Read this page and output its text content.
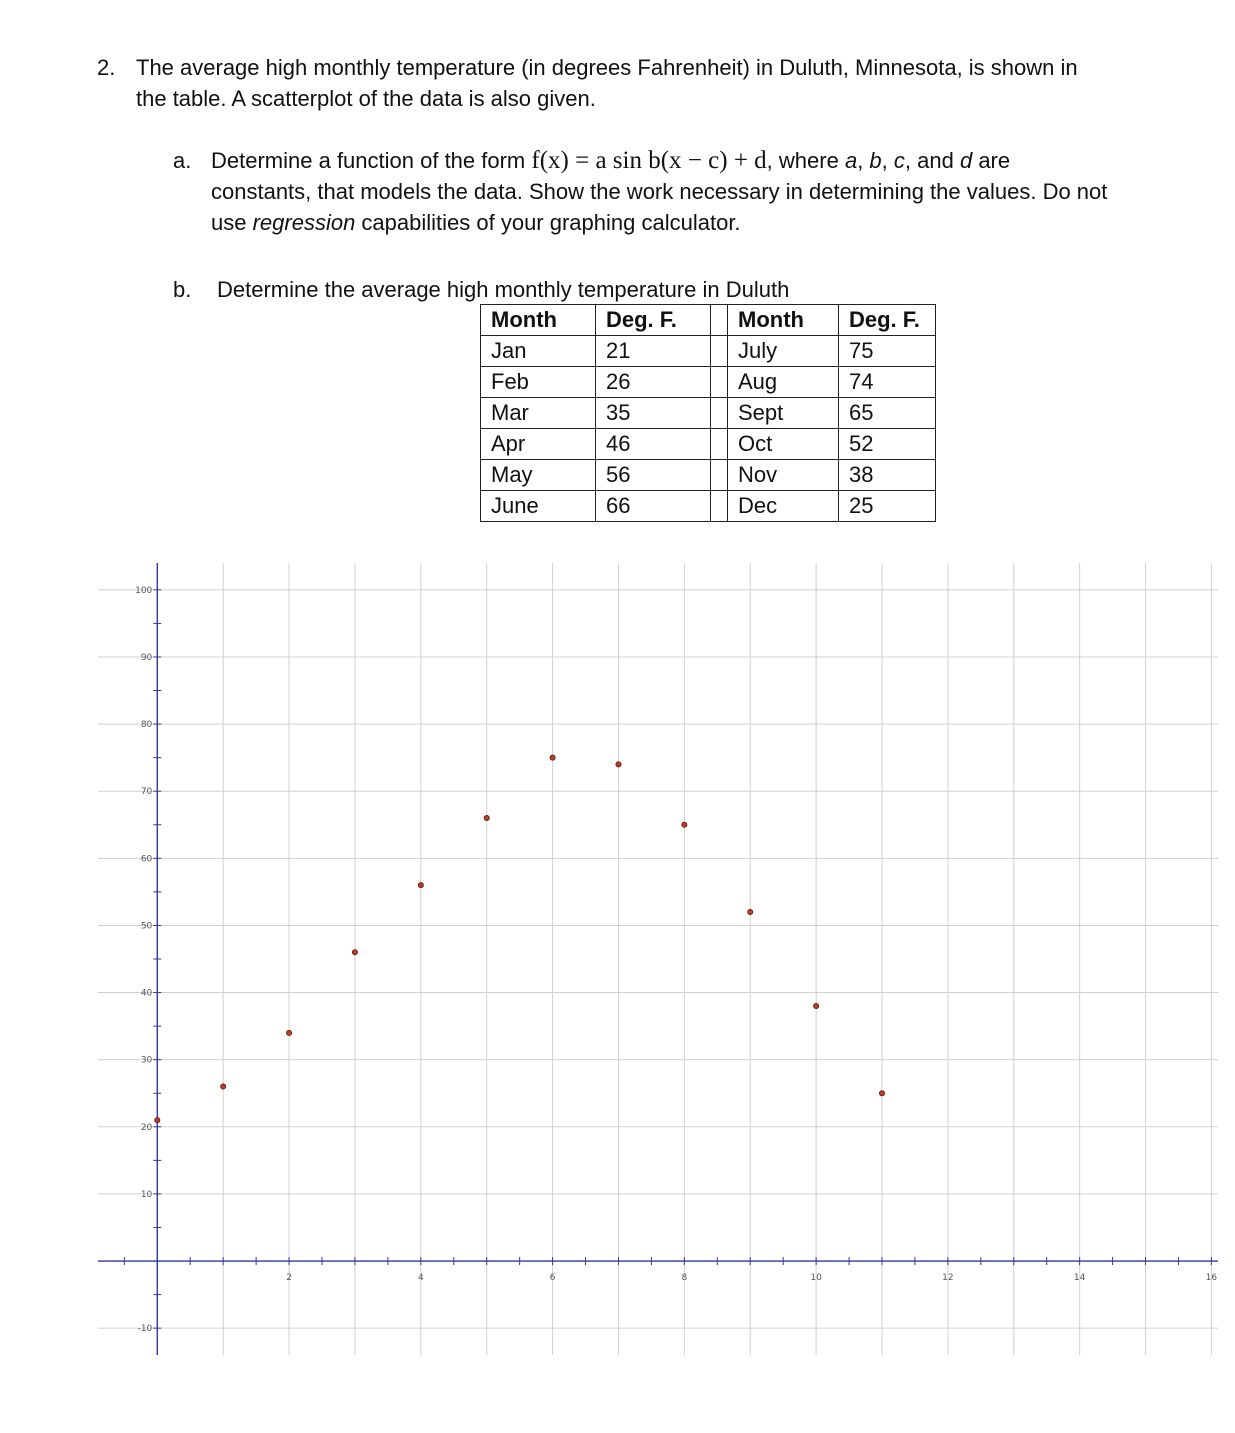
2. The average high monthly temperature (in degrees Fahrenheit) in Duluth, Minnesota, is shown in the table. A scatterplot of the data is also given.
a. Determine a function of the form f(x) = a sin b(x − c) + d, where a, b, c, and d are constants, that models the data. Show the work necessary in determining the values. Do not use regression capabilities of your graphing calculator.
b. Determine the average high monthly temperature in Duluth
Month	Deg. F.		Month	Deg. F.
Jan	21		July	75
Feb	26		Aug	74
Mar	35		Sept	65
Apr	46		Oct	52
May	56		Nov	38
June	66		Dec	25
2	4	6	8	10	12	14	16
100
90
80
70
60
50
40
30
20
10
-10
